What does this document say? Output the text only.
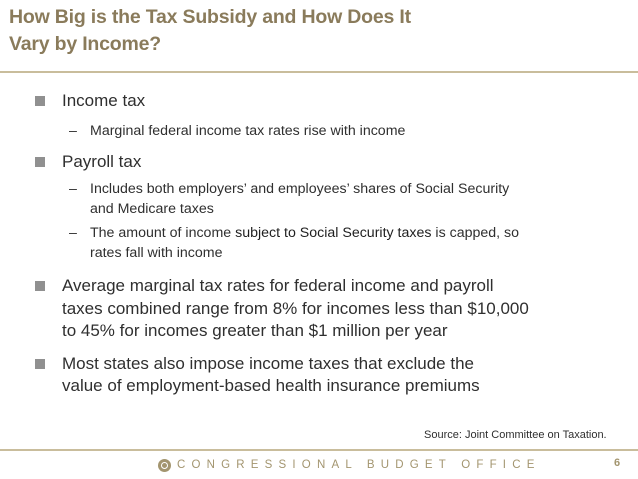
How Big is the Tax Subsidy and How Does It
Vary by Income?
Income tax
– Marginal federal income tax rates rise with income
Payroll tax
– Includes both employers’ and employees’ shares of Social Security
and Medicare taxes
– The amount of income subject to Social Security taxes is capped, so
rates fall with income
Average marginal tax rates for federal income and payroll
taxes combined range from 8% for incomes less than $10,000
to 45% for incomes greater than $1 million per year
Most states also impose income taxes that exclude the
value of employment-based health insurance premiums
Source: Joint Committee on Taxation.
CONGRESSIONAL BUDGET OFFICE	6
